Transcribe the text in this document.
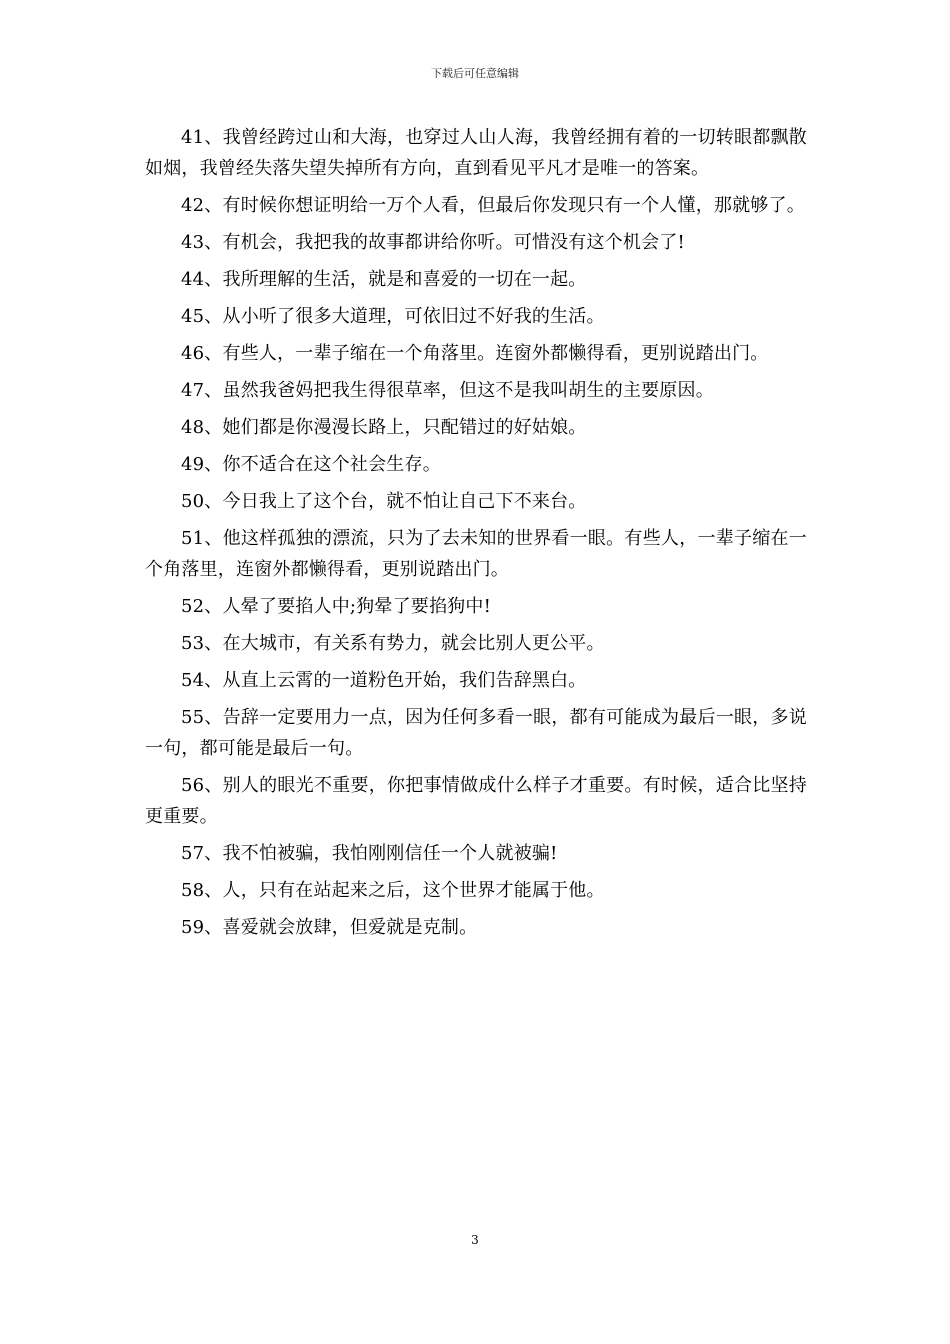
下载后可任意编辑

41、我曾经跨过山和大海，也穿过人山人海，我曾经拥有着的一切转眼都飘散如烟，我曾经失落失望失掉所有方向，直到看见平凡才是唯一的答案。

42、有时候你想证明给一万个人看，但最后你发现只有一个人懂，那就够了。

43、有机会，我把我的故事都讲给你听。可惜没有这个机会了!

44、我所理解的生活，就是和喜爱的一切在一起。

45、从小听了很多大道理，可依旧过不好我的生活。

46、有些人，一辈子缩在一个角落里。连窗外都懒得看，更别说踏出门。

47、虽然我爸妈把我生得很草率，但这不是我叫胡生的主要原因。

48、她们都是你漫漫长路上，只配错过的好姑娘。

49、你不适合在这个社会生存。

50、今日我上了这个台，就不怕让自己下不来台。

51、他这样孤独的漂流，只为了去未知的世界看一眼。有些人，一辈子缩在一个角落里，连窗外都懒得看，更别说踏出门。

52、人晕了要掐人中;狗晕了要掐狗中!

53、在大城市，有关系有势力，就会比别人更公平。

54、从直上云霄的一道粉色开始，我们告辞黑白。

55、告辞一定要用力一点，因为任何多看一眼，都有可能成为最后一眼，多说一句，都可能是最后一句。

56、别人的眼光不重要，你把事情做成什么样子才重要。有时候，适合比坚持更重要。

57、我不怕被骗，我怕刚刚信任一个人就被骗!

58、人，只有在站起来之后，这个世界才能属于他。

59、喜爱就会放肆，但爱就是克制。

3
